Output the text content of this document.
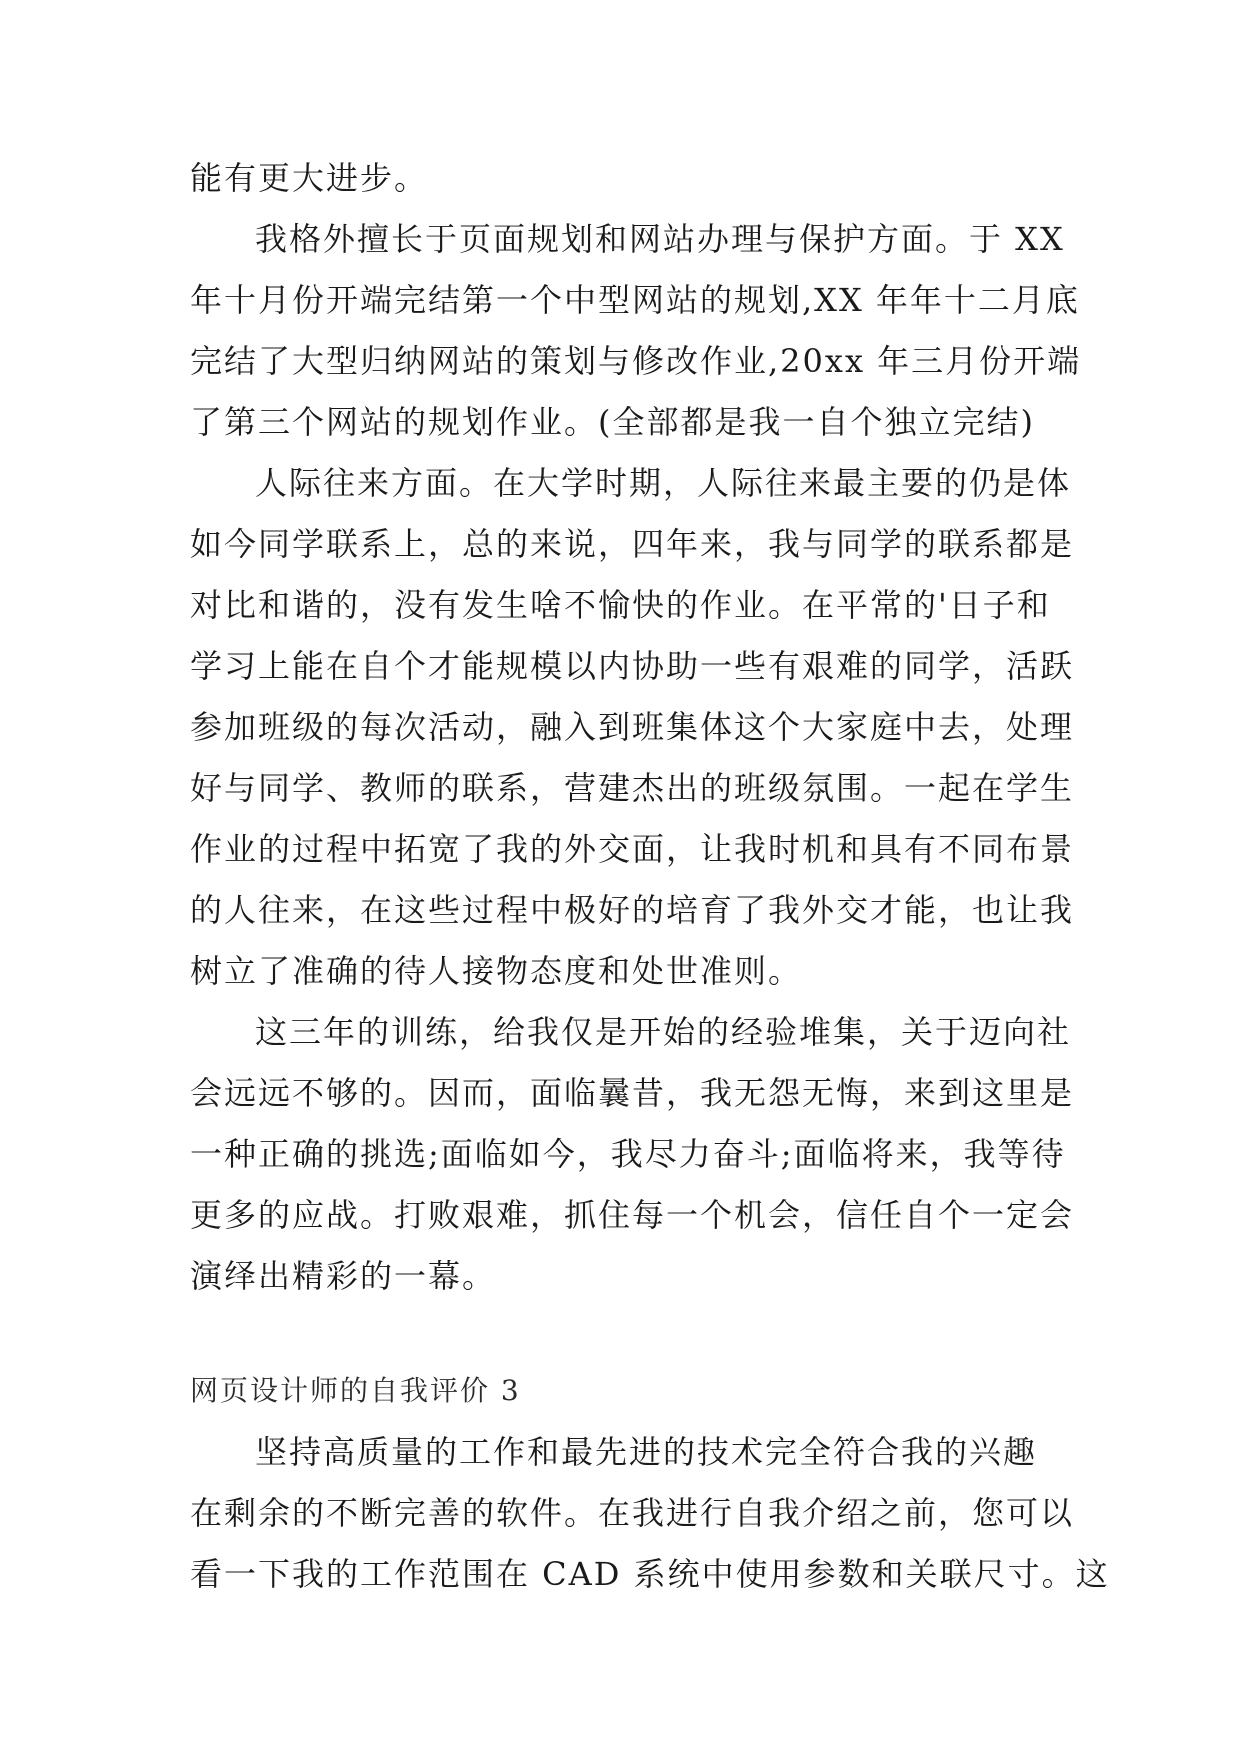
能有更大进步。
我格外擅长于页面规划和网站办理与保护方面。于 XX
年十月份开端完结第一个中型网站的规划,XX 年年十二月底
完结了大型归纳网站的策划与修改作业,20xx 年三月份开端
了第三个网站的规划作业。(全部都是我一自个独立完结)
人际往来方面。在大学时期，人际往来最主要的仍是体
如今同学联系上，总的来说，四年来，我与同学的联系都是
对比和谐的，没有发生啥不愉快的作业。在平常的'日子和
学习上能在自个才能规模以内协助一些有艰难的同学，活跃
参加班级的每次活动，融入到班集体这个大家庭中去，处理
好与同学、教师的联系，营建杰出的班级氛围。一起在学生
作业的过程中拓宽了我的外交面，让我时机和具有不同布景
的人往来，在这些过程中极好的培育了我外交才能，也让我
树立了准确的待人接物态度和处世准则。
这三年的训练，给我仅是开始的经验堆集，关于迈向社
会远远不够的。因而，面临曩昔，我无怨无悔，来到这里是
一种正确的挑选;面临如今，我尽力奋斗;面临将来，我等待
更多的应战。打败艰难，抓住每一个机会，信任自个一定会
演绎出精彩的一幕。
网页设计师的自我评价 3
坚持高质量的工作和最先进的技术完全符合我的兴趣
在剩余的不断完善的软件。在我进行自我介绍之前，您可以
看一下我的工作范围在 CAD 系统中使用参数和关联尺寸。这
